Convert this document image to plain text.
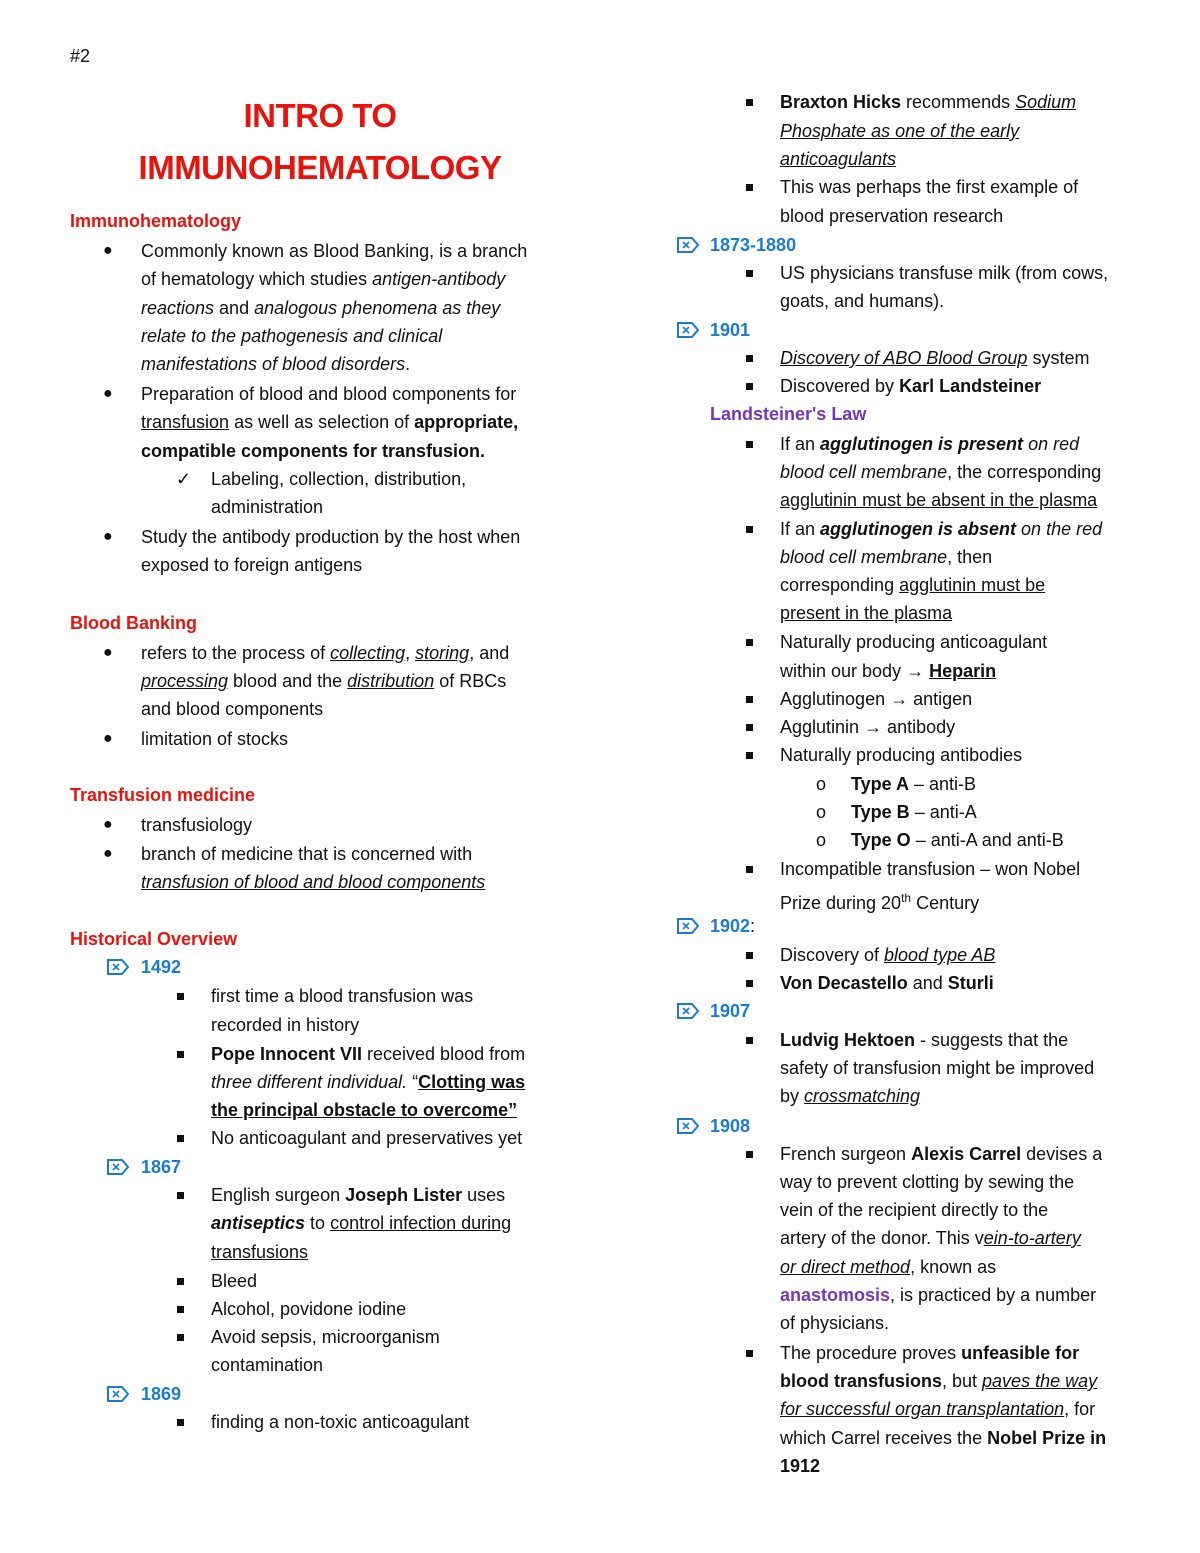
#2
INTRO TO
IMMUNOHEMATOLOGY
Immunohematology
● Commonly known as Blood Banking, is a branch
of hematology which studies antigen-antibody
reactions and analogous phenomena as they
relate to the pathogenesis and clinical
manifestations of blood disorders.
● Preparation of blood and blood components for
transfusion as well as selection of appropriate,
compatible components for transfusion.
✓ Labeling, collection, distribution,
administration
● Study the antibody production by the host when
exposed to foreign antigens
Blood Banking
● refers to the process of collecting, storing, and
processing blood and the distribution of RBCs
and blood components
● limitation of stocks
Transfusion medicine
● transfusiology
● branch of medicine that is concerned with
transfusion of blood and blood components
Historical Overview
1492
first time a blood transfusion was
recorded in history
Pope Innocent VII received blood from
three different individual. “Clotting was
the principal obstacle to overcome”
No anticoagulant and preservatives yet
1867
English surgeon Joseph Lister uses
antiseptics to control infection during
transfusions
Bleed
Alcohol, povidone iodine
Avoid sepsis, microorganism
contamination
1869
finding a non-toxic anticoagulant
Braxton Hicks recommends Sodium
Phosphate as one of the early
anticoagulants
This was perhaps the first example of
blood preservation research
1873-1880
US physicians transfuse milk (from cows,
goats, and humans).
1901
Discovery of ABO Blood Group system
Discovered by Karl Landsteiner
Landsteiner's Law
If an agglutinogen is present on red
blood cell membrane, the corresponding
agglutinin must be absent in the plasma
If an agglutinogen is absent on the red
blood cell membrane, then
corresponding agglutinin must be
present in the plasma
Naturally producing anticoagulant
within our body → Heparin
Agglutinogen → antigen
Agglutinin → antibody
Naturally producing antibodies
o Type A – anti-B
o Type B – anti-A
o Type O – anti-A and anti-B
Incompatible transfusion – won Nobel
Prize during 20th Century
1902:
Discovery of blood type AB
Von Decastello and Sturli
1907
Ludvig Hektoen - suggests that the
safety of transfusion might be improved
by crossmatching
1908
French surgeon Alexis Carrel devises a
way to prevent clotting by sewing the
vein of the recipient directly to the
artery of the donor. This vein-to-artery
or direct method, known as
anastomosis, is practiced by a number
of physicians.
The procedure proves unfeasible for
blood transfusions, but paves the way
for successful organ transplantation, for
which Carrel receives the Nobel Prize in
1912
